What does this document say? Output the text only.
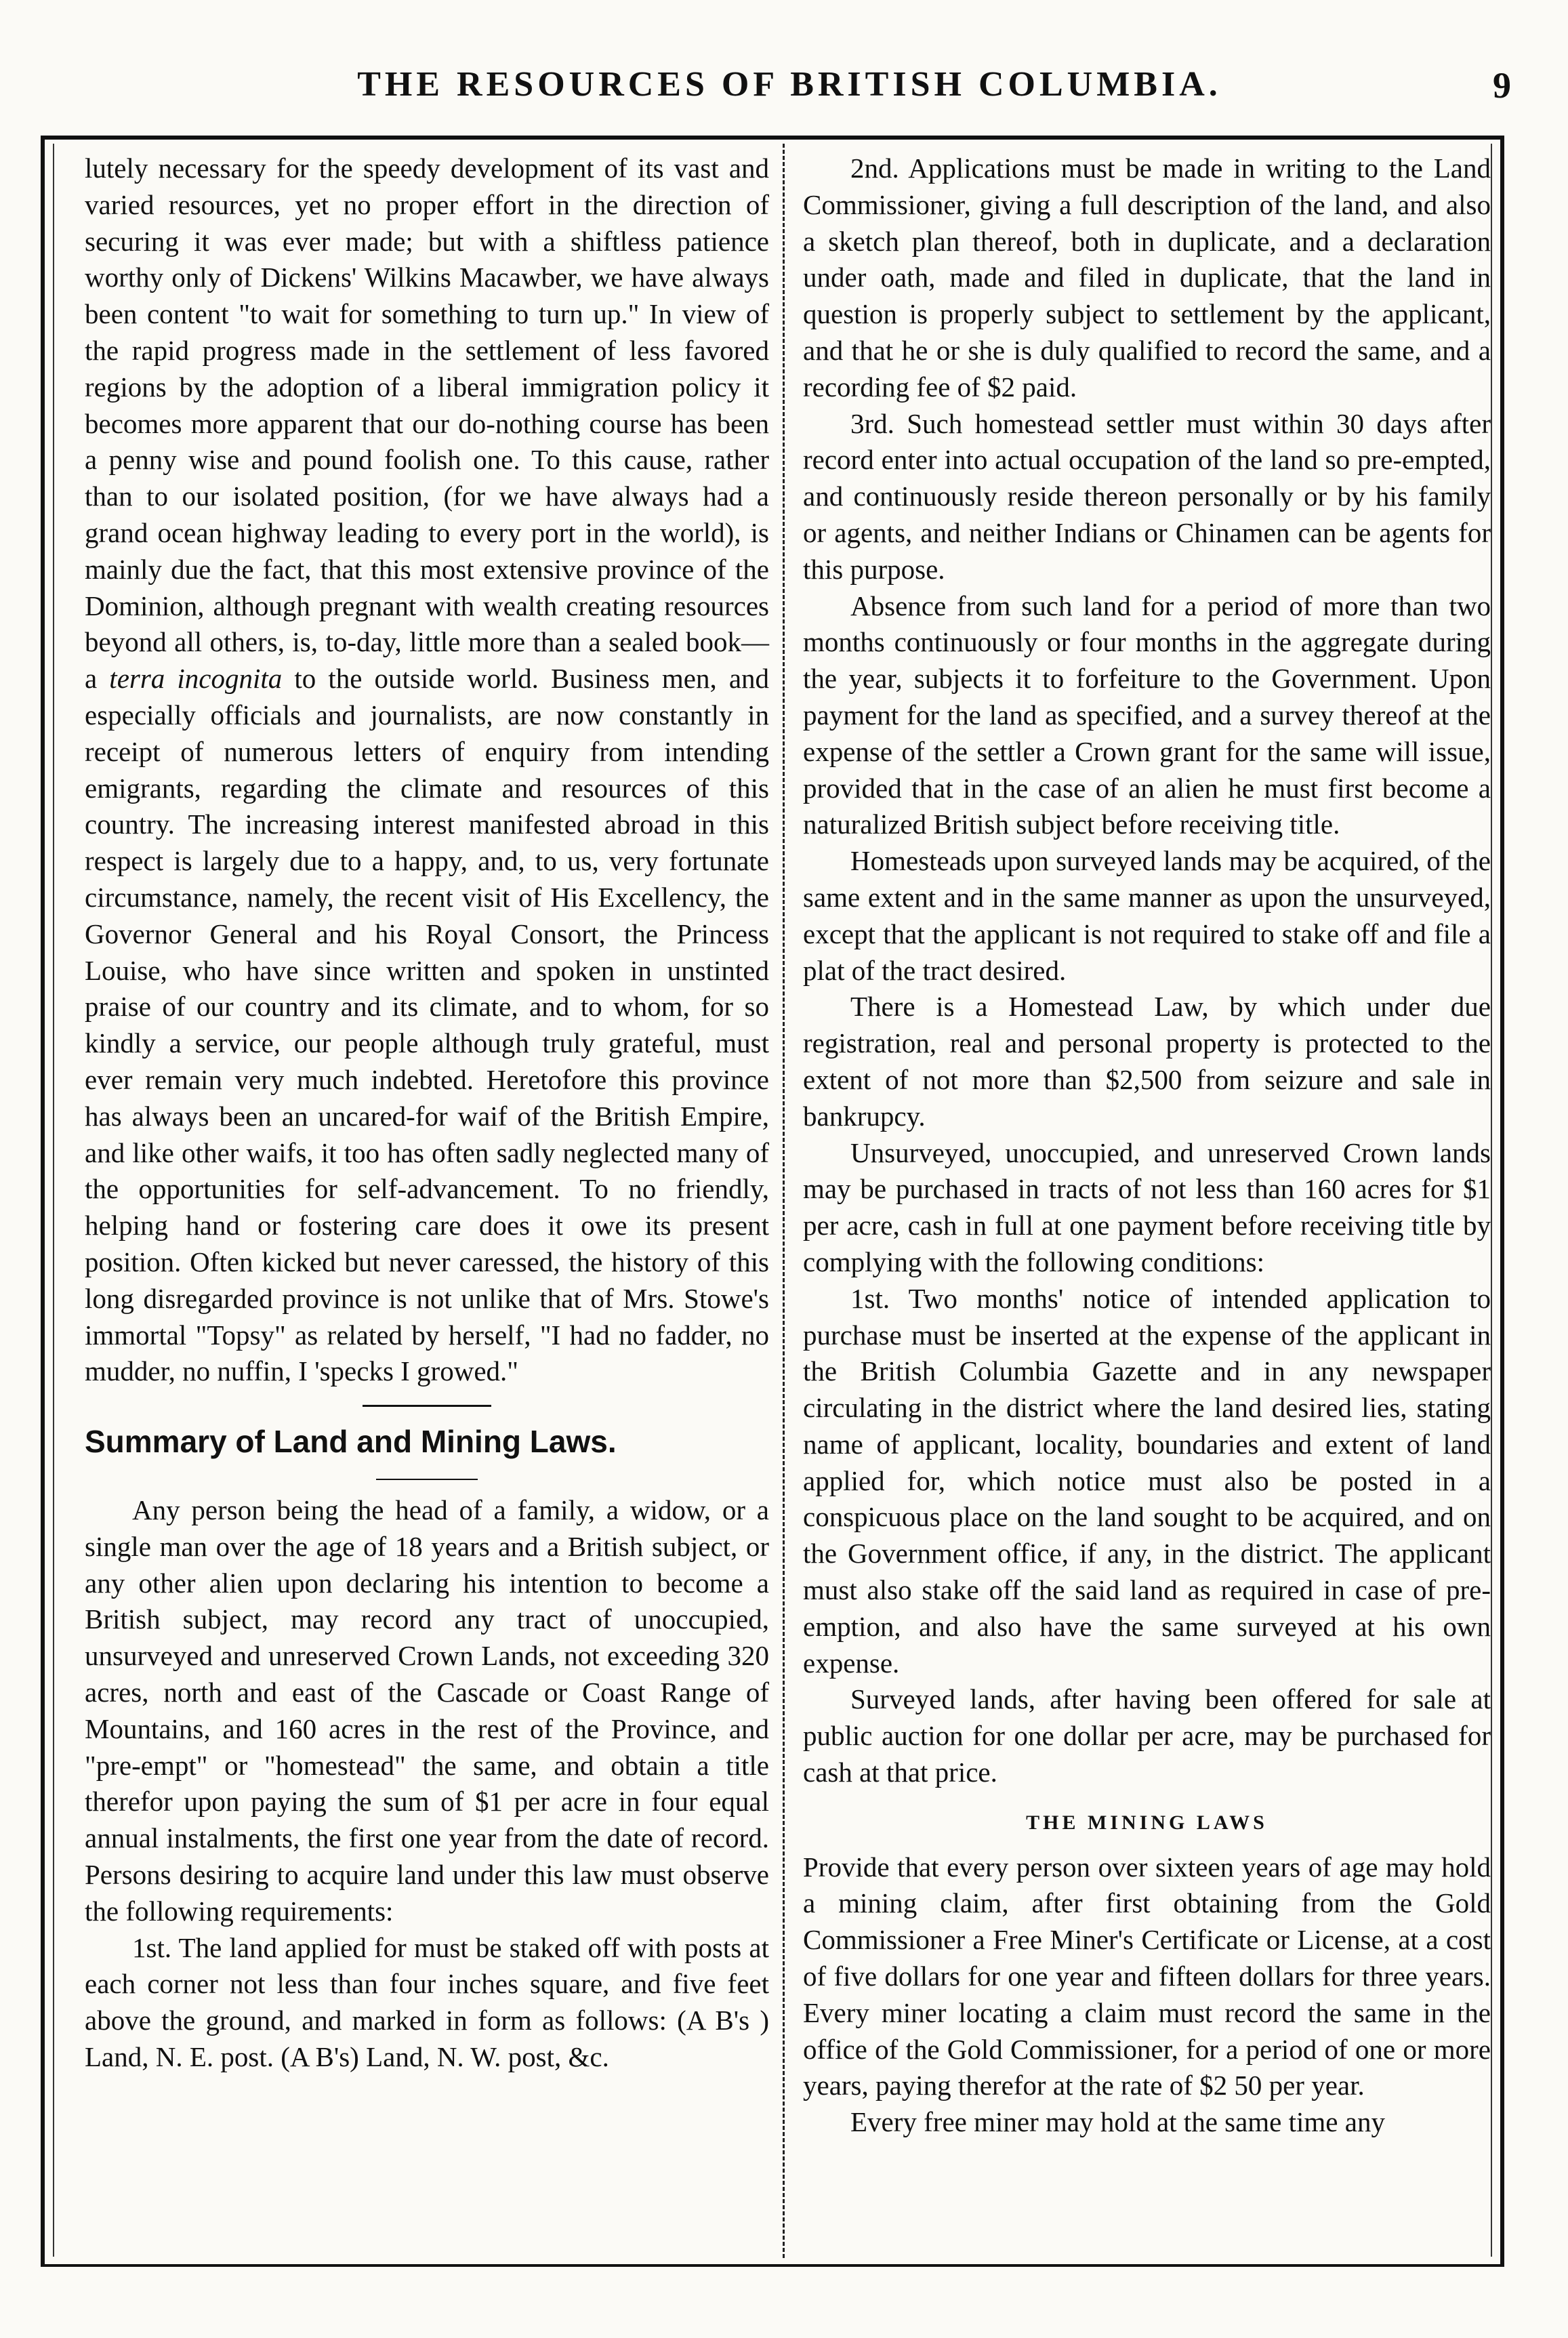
THE RESOURCES OF BRITISH COLUMBIA.	9

lutely necessary for the speedy development of its vast and varied resources, yet no proper effort in the direction of securing it was ever made; but with a shiftless patience worthy only of Dickens' Wilkins Macawber, we have always been content "to wait for something to turn up." In view of the rapid progress made in the settlement of less favored regions by the adoption of a liberal immigration policy it becomes more apparent that our do-nothing course has been a penny wise and pound foolish one. To this cause, rather than to our isolated position, (for we have always had a grand ocean highway leading to every port in the world), is mainly due the fact, that this most extensive province of the Dominion, although pregnant with wealth creating resources beyond all others, is, to-day, little more than a sealed book—a terra incognita to the outside world. Business men, and especially officials and journalists, are now constantly in receipt of numerous letters of enquiry from intending emigrants, regarding the climate and resources of this country. The increasing interest manifested abroad in this respect is largely due to a happy, and, to us, very fortunate circumstance, namely, the recent visit of His Excellency, the Governor General and his Royal Consort, the Princess Louise, who have since written and spoken in unstinted praise of our country and its climate, and to whom, for so kindly a service, our people although truly grateful, must ever remain very much indebted. Heretofore this province has always been an uncared-for waif of the British Empire, and like other waifs, it too has often sadly neglected many of the opportunities for self-advancement. To no friendly, helping hand or fostering care does it owe its present position. Often kicked but never caressed, the history of this long disregarded province is not unlike that of Mrs. Stowe's immortal "Topsy" as related by herself, "I had no fadder, no mudder, no nuffin, I 'specks I growed."

Summary of Land and Mining Laws.

Any person being the head of a family, a widow, or a single man over the age of 18 years and a British subject, or any other alien upon declaring his intention to become a British subject, may record any tract of unoccupied, unsurveyed and unreserved Crown Lands, not exceeding 320 acres, north and east of the Cascade or Coast Range of Mountains, and 160 acres in the rest of the Province, and "pre-empt" or "homestead" the same, and obtain a title therefor upon paying the sum of $1 per acre in four equal annual instalments, the first one year from the date of record. Persons desiring to acquire land under this law must observe the following requirements:

1st. The land applied for must be staked off with posts at each corner not less than four inches square, and five feet above the ground, and marked in form as follows: (A B's ) Land, N. E. post. (A B's) Land, N. W. post, &c.

2nd. Applications must be made in writing to the Land Commissioner, giving a full description of the land, and also a sketch plan thereof, both in duplicate, and a declaration under oath, made and filed in duplicate, that the land in question is properly subject to settlement by the applicant, and that he or she is duly qualified to record the same, and a recording fee of $2 paid.

3rd. Such homestead settler must within 30 days after record enter into actual occupation of the land so pre-empted, and continuously reside thereon personally or by his family or agents, and neither Indians or Chinamen can be agents for this purpose.

Absence from such land for a period of more than two months continuously or four months in the aggregate during the year, subjects it to forfeiture to the Government. Upon payment for the land as specified, and a survey thereof at the expense of the settler a Crown grant for the same will issue, provided that in the case of an alien he must first become a naturalized British subject before receiving title.

Homesteads upon surveyed lands may be acquired, of the same extent and in the same manner as upon the unsurveyed, except that the applicant is not required to stake off and file a plat of the tract desired.

There is a Homestead Law, by which under due registration, real and personal property is protected to the extent of not more than $2,500 from seizure and sale in bankrupcy.

Unsurveyed, unoccupied, and unreserved Crown lands may be purchased in tracts of not less than 160 acres for $1 per acre, cash in full at one payment before receiving title by complying with the following conditions:

1st. Two months' notice of intended application to purchase must be inserted at the expense of the applicant in the British Columbia Gazette and in any newspaper circulating in the district where the land desired lies, stating name of applicant, locality, boundaries and extent of land applied for, which notice must also be posted in a conspicuous place on the land sought to be acquired, and on the Government office, if any, in the district. The applicant must also stake off the said land as required in case of pre-emption, and also have the same surveyed at his own expense.

Surveyed lands, after having been offered for sale at public auction for one dollar per acre, may be purchased for cash at that price.

THE MINING LAWS

Provide that every person over sixteen years of age may hold a mining claim, after first obtaining from the Gold Commissioner a Free Miner's Certificate or License, at a cost of five dollars for one year and fifteen dollars for three years. Every miner locating a claim must record the same in the office of the Gold Commissioner, for a period of one or more years, paying therefor at the rate of $2 50 per year.

Every free miner may hold at the same time any
